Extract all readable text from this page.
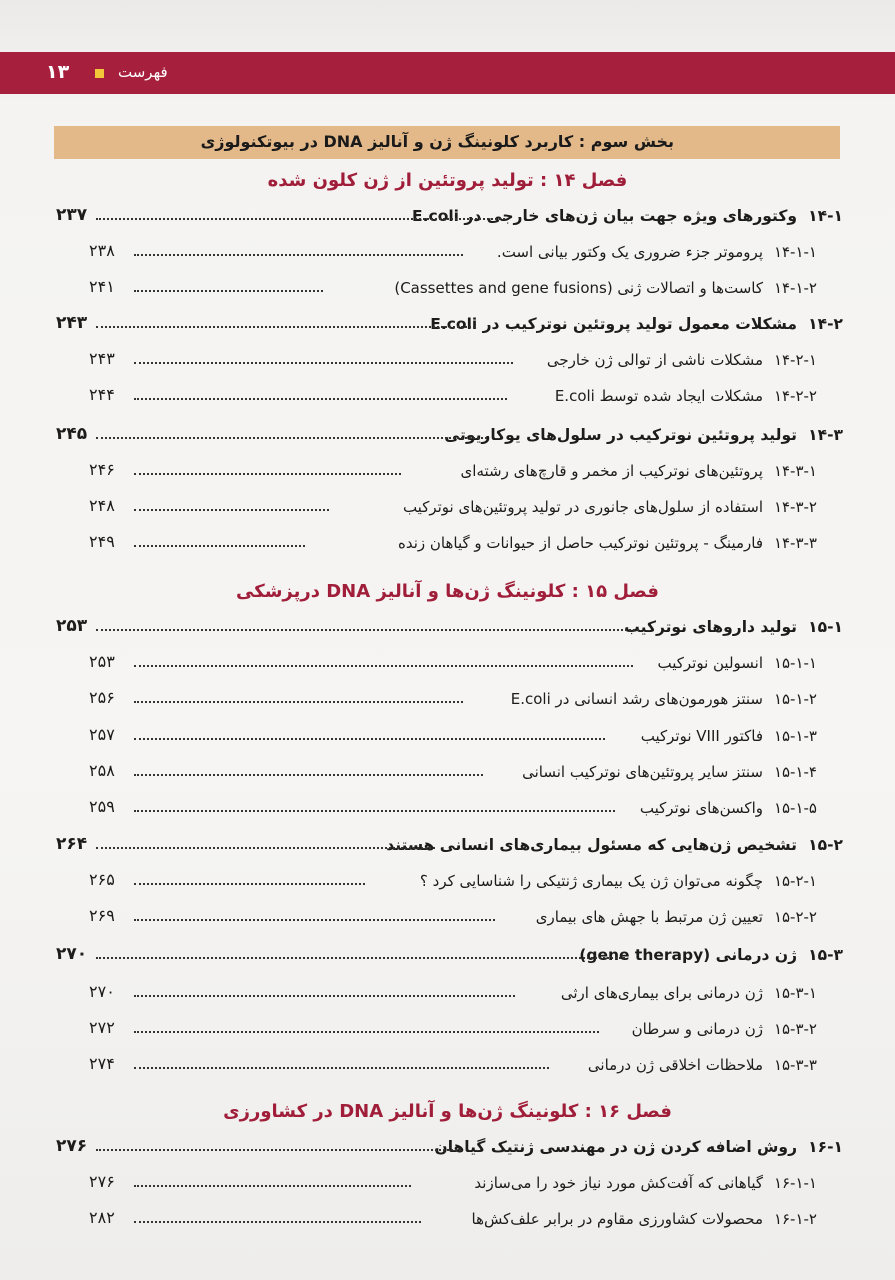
فهرست
۱۳
بخش سوم : کاربرد کلونینگ ژن و آنالیز DNA در بیوتکنولوژی
فصل ۱۴ : تولید پروتئین از ژن کلون شده
فصل ۱۵ : کلونینگ ژن‌ها و آنالیز DNA درپزشکی
فصل ۱۶ : کلونینگ ژن‌ها و آنالیز DNA در کشاورزی
۱۴-۱
وکتورهای ویژه جهت بیان ژن‌های خارجی در E.coli
۲۳۷
۱۴-۱-۱
پروموتر جزء ضروری یک وکتور بیانی است.
۲۳۸
۱۴-۱-۲
کاست‌ها و اتصالات ژنی (Cassettes and gene fusions)
۲۴۱
۱۴-۲
مشکلات معمول تولید پروتئین نوترکیب در E.coli
۲۴۳
۱۴-۲-۱
مشکلات ناشی از توالی ژن خارجی
۲۴۳
۱۴-۲-۲
مشکلات ایجاد شده توسط E.coli
۲۴۴
۱۴-۳
تولید پروتئین نوترکیب در سلول‌های یوکاریوتی
۲۴۵
۱۴-۳-۱
پروتئین‌های نوترکیب از مخمر و قارچ‌های رشته‌ای
۲۴۶
۱۴-۳-۲
استفاده از سلول‌های جانوری در تولید پروتئین‌های نوترکیب
۲۴۸
۱۴-۳-۳
فارمینگ - پروتئین نوترکیب حاصل از حیوانات و گیاهان زنده
۲۴۹
۱۵-۱
تولید داروهای نوترکیب
۲۵۳
۱۵-۱-۱
انسولین نوترکیب
۲۵۳
۱۵-۱-۲
سنتز هورمون‌های رشد انسانی در E.coli
۲۵۶
۱۵-۱-۳
فاکتور VIII نوترکیب
۲۵۷
۱۵-۱-۴
سنتز سایر پروتئین‌های نوترکیب انسانی
۲۵۸
۱۵-۱-۵
واکسن‌های نوترکیب
۲۵۹
۱۵-۲
تشخیص ژن‌هایی که مسئول بیماری‌های انسانی هستند
۲۶۴
۱۵-۲-۱
چگونه می‌توان ژن یک بیماری ژنتیکی را شناسایی کرد ؟
۲۶۵
۱۵-۲-۲
تعیین ژن مرتبط با جهش های بیماری
۲۶۹
۱۵-۳
ژن درمانی (gene therapy)
۲۷۰
۱۵-۳-۱
ژن درمانی برای بیماری‌های ارثی
۲۷۰
۱۵-۳-۲
ژن درمانی و سرطان
۲۷۲
۱۵-۳-۳
ملاحظات اخلاقی ژن درمانی
۲۷۴
۱۶-۱
روش اضافه کردن ژن در مهندسی ژنتیک گیاهان
۲۷۶
۱۶-۱-۱
گیاهانی که آفت‌کش مورد نیاز خود را می‌سازند
۲۷۶
۱۶-۱-۲
محصولات کشاورزی مقاوم در برابر علف‌کش‌ها
۲۸۲
